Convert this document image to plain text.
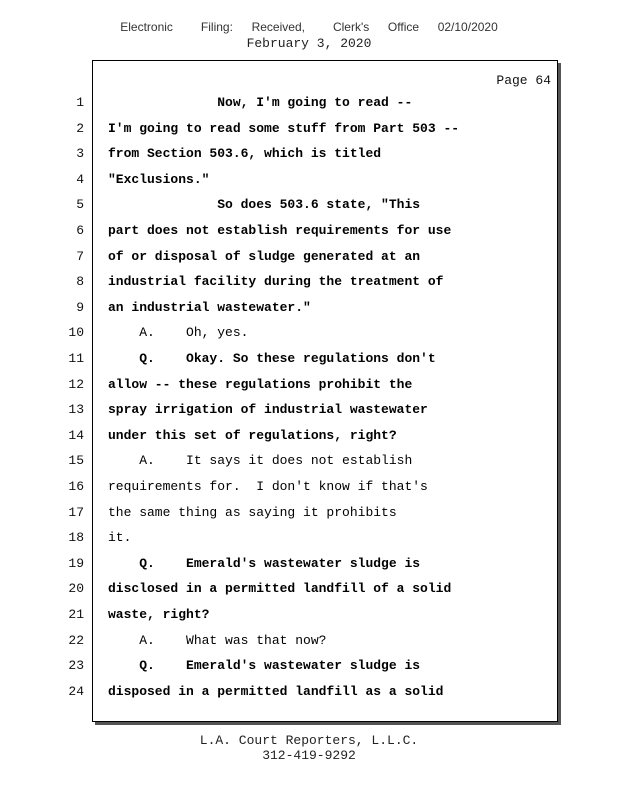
Electronic   Filing:  Received,   Clerk's  Office  02/10/2020
February 3, 2020
Page 64
1 Now, I'm going to read --
2 I'm going to read some stuff from Part 503 --
3 from Section 503.6, which is titled
4 "Exclusions."
5 So does 503.6 state, "This
6 part does not establish requirements for use
7 of or disposal of sludge generated at an
8 industrial facility during the treatment of
9 an industrial wastewater."
10 A.    Oh, yes.
11 Q.    Okay. So these regulations don't
12 allow -- these regulations prohibit the
13 spray irrigation of industrial wastewater
14 under this set of regulations, right?
15 A.    It says it does not establish
16 requirements for.  I don't know if that's
17 the same thing as saying it prohibits
18 it.
19 Q.    Emerald's wastewater sludge is
20 disclosed in a permitted landfill of a solid
21 waste, right?
22 A.    What was that now?
23 Q.    Emerald's wastewater sludge is
24 disposed in a permitted landfill as a solid
L.A. Court Reporters, L.L.C.
312-419-9292
